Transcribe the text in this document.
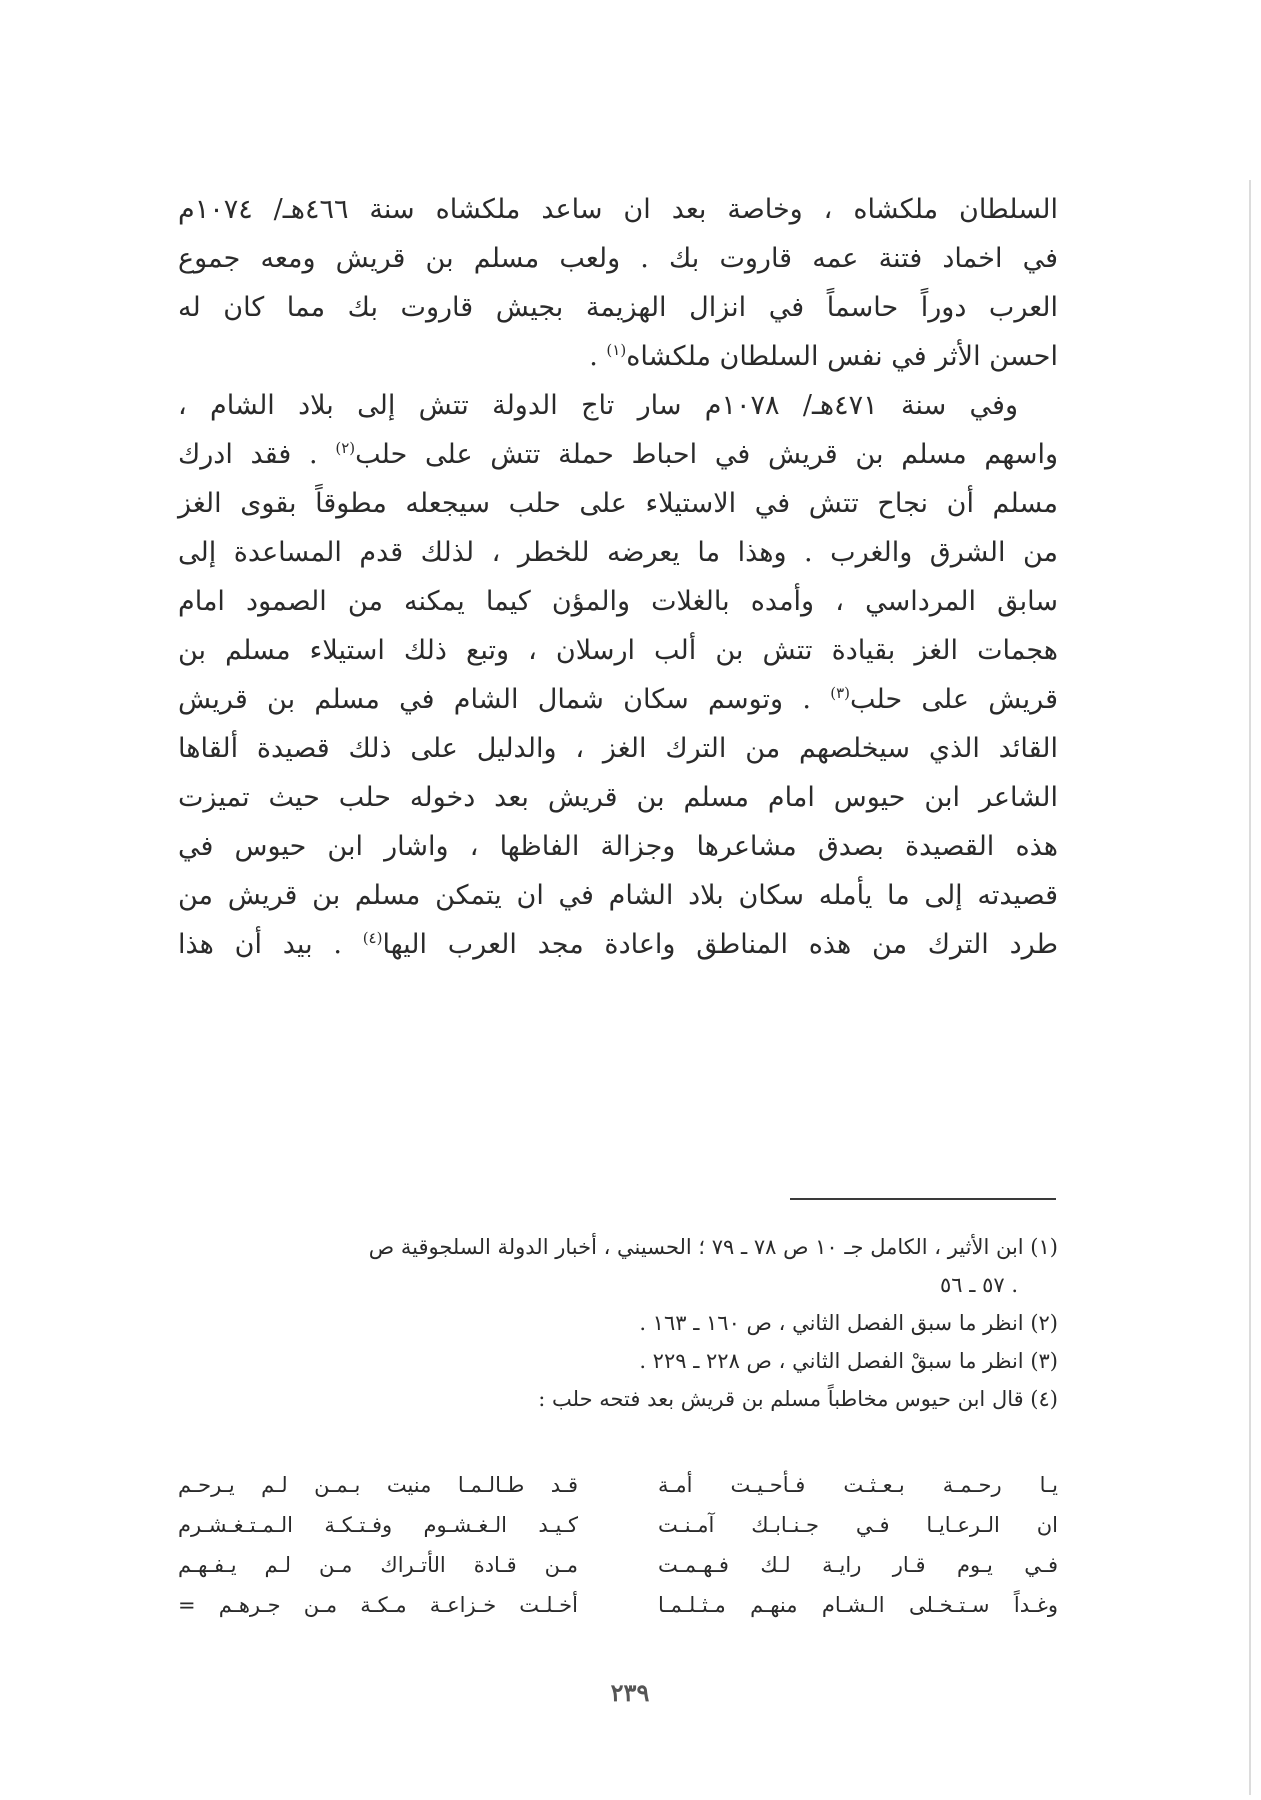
السلطان ملكشاه ، وخاصة بعد ان ساعد ملكشاه سنة ٤٦٦هـ/ ١٠٧٤م
في اخماد فتنة عمه قاروت بك . ولعب مسلم بن قريش ومعه جموع
العرب دوراً حاسماً في انزال الهزيمة بجيش قاروت بك مما كان له
احسن الأثر في نفس السلطان ملكشاه$^{(١)}$ .
وفي سنة ٤٧١هـ/ ١٠٧٨م سار تاج الدولة تتش إلى بلاد الشام ،
واسهم مسلم بن قريش في احباط حملة تتش على حلب$^{(٢)}$ . فقد ادرك
مسلم أن نجاح تتش في الاستيلاء على حلب سيجعله مطوقاً بقوى الغز
من الشرق والغرب . وهذا ما يعرضه للخطر ، لذلك قدم المساعدة إلى
سابق المرداسي ، وأمده بالغلات والمؤن كيما يمكنه من الصمود امام
هجمات الغز بقيادة تتش بن ألب ارسلان ، وتبع ذلك استيلاء مسلم بن
قريش على حلب$^{(٣)}$ . وتوسم سكان شمال الشام في مسلم بن قريش
القائد الذي سيخلصهم من الترك الغز ، والدليل على ذلك قصيدة ألقاها
الشاعر ابن حيوس امام مسلم بن قريش بعد دخوله حلب حيث تميزت
هذه القصيدة بصدق مشاعرها وجزالة الفاظها ، واشار ابن حيوس في
قصيدته إلى ما يأمله سكان بلاد الشام في ان يتمكن مسلم بن قريش من
طرد الترك من هذه المناطق واعادة مجد العرب اليها$^{(٤)}$ . بيد أن هذا
(١) ابن الأثير ، الكامل جـ ١٠ ص ٧٨ ـ ٧٩ ؛ الحسيني ، أخبار الدولة السلجوقية ص
. ٥٧ ـ ٥٦
(٢) انظر ما سبق الفصل الثاني ، ص ١٦٠ ـ ١٦٣ .
(٣) انظر ما سبقْ الفصل الثاني ، ص ٢٢٨ ـ ٢٢٩ .
(٤) قال ابن حيوس مخاطباً مسلم بن قريش بعد فتحه حلب :
يـا رحـمـة بـعـثـت فـأحـيـت أمـة
قـد طـالـمـا منيت بـمـن لـم يـرحـم
ان الـرعـايـا فـي جـنـابـك آمـنـت
كـيـد الـغـشـوم وفـتـكـة الـمـتـغـشـرم
فـي يـوم قـار رايـة لـك فـهـمـت
مـن قـادة الأتـراك مـن لـم يـفـهـم
وغـداً سـتـخـلى الـشـام منهـم مـثـلـمـا
أخـلـت خـزاعـة مـكـة مـن جـرهـم =
٢٣٩
